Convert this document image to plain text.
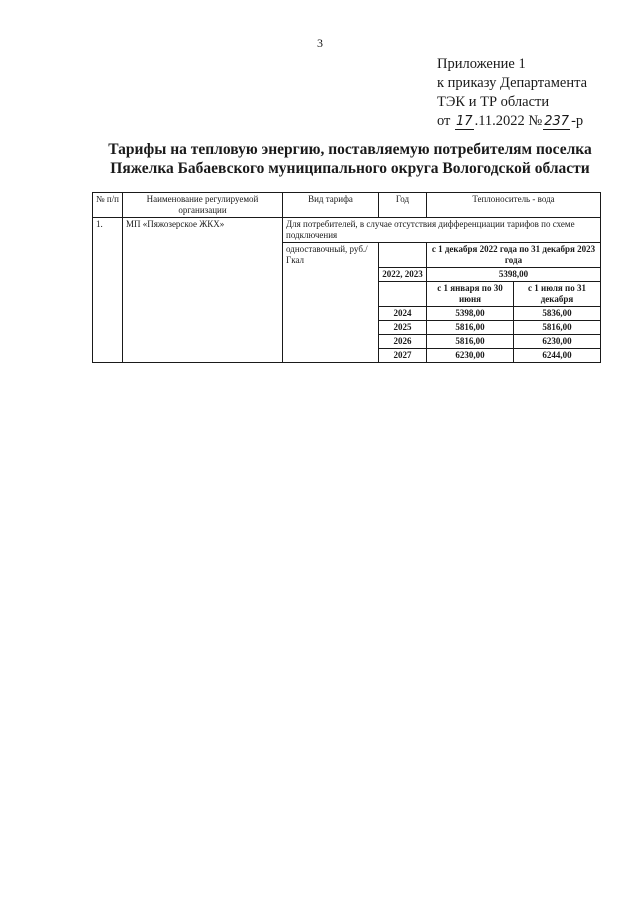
3
Приложение 1
к приказу Департамента
ТЭК и ТР области
от 17 .11.2022 № 237 -р
Тарифы на тепловую энергию, поставляемую потребителям поселка
Пяжелка Бабаевского муниципального округа Вологодской области
№ п/п	Наименование регулируемой организации	Вид тарифа	Год	Теплоноситель - вода	
1.	МП «Пяжозерское ЖКХ»	Для потребителей, в случае отсутствия дифференциации тарифов по схеме подключения			
		одноставочный, руб./Гкал		с 1 декабря 2022 года по 31 декабря 2023 года	
			2022, 2023	5398,00	
				с 1 января по 30 июня	с 1 июля по 31 декабря
			2024	5398,00	5836,00
			2025	5816,00	5816,00
			2026	5816,00	6230,00
			2027	6230,00	6244,00
